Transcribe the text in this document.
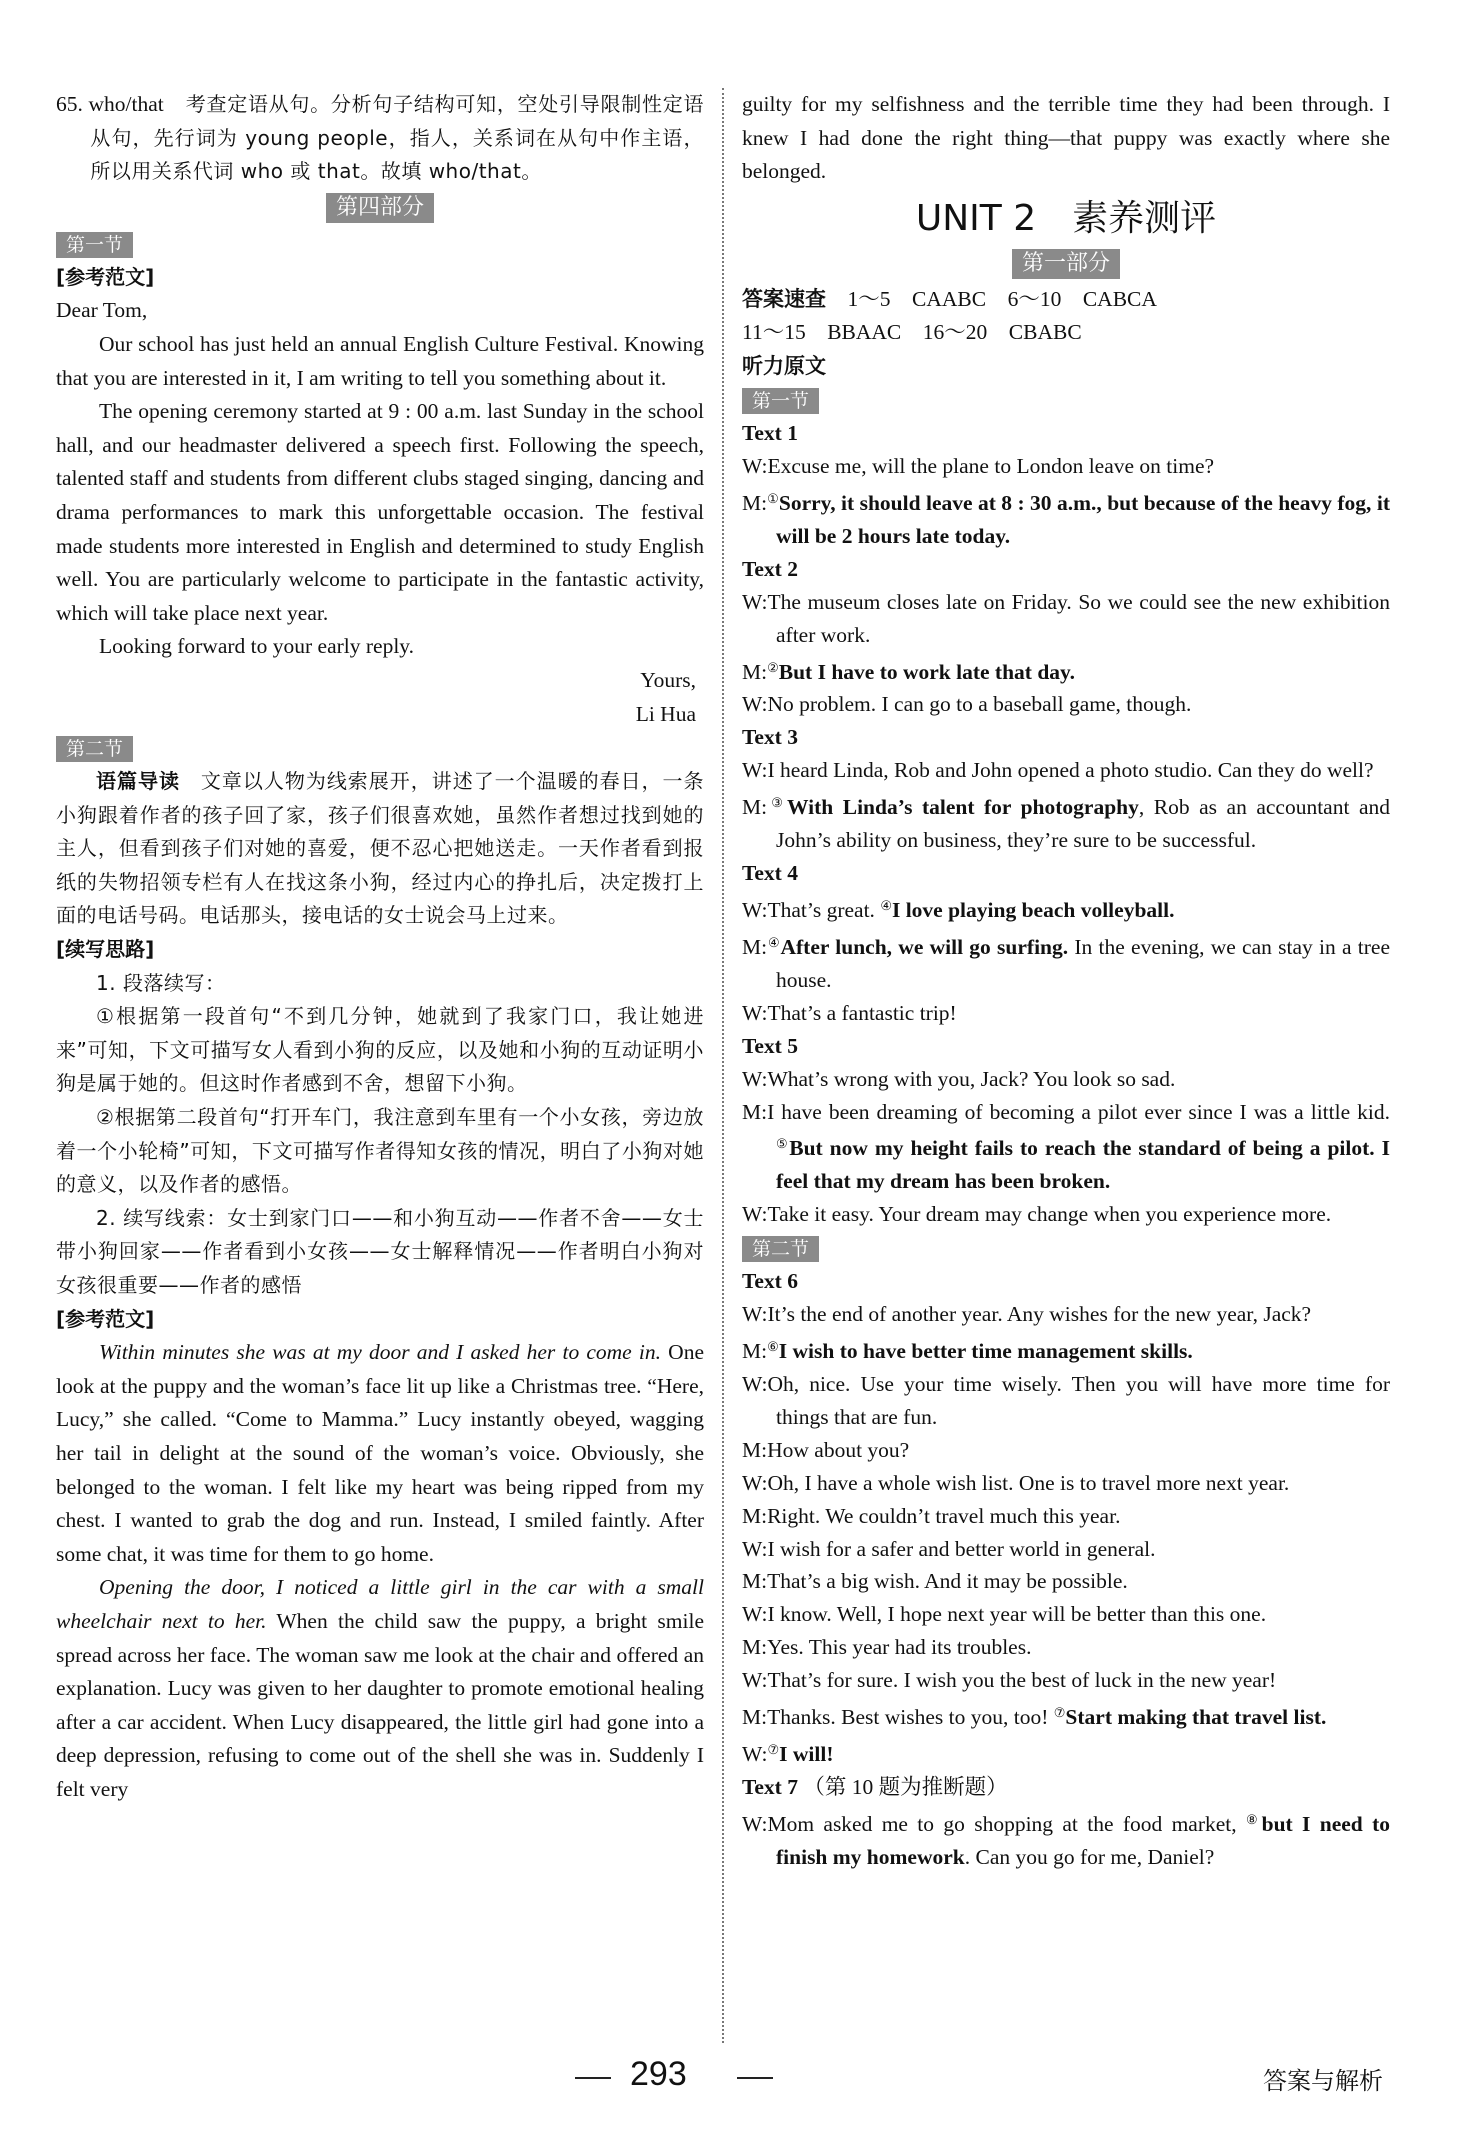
65. who/that　 考查定语从句。分析句子结构可知，空处引导限制性定语从句，先行词为 young people，指人，关系词在从句中作主语，所以用关系代词 who 或 that。故填 who/that。

第四部分
第一节

[参考范文]

Dear Tom,

Our school has just held an annual English Culture Festival. Knowing that you are interested in it, I am writing to tell you something about it.

The opening ceremony started at 9 : 00 a.m. last Sunday in the school hall, and our headmaster delivered a speech first. Following the speech, talented staff and students from different clubs staged singing, dancing and drama performances to mark this unforgettable occasion. The festival made students more interested in English and determined to study English well. You are particularly welcome to participate in the fantastic activity, which will take place next year.

Looking forward to your early reply.

Yours,

Li Hua

第二节

语篇导读　 文章以人物为线索展开，讲述了一个温暖的春日，一条小狗跟着作者的孩子回了家，孩子们很喜欢她，虽然作者想过找到她的主人，但看到孩子们对她的喜爱，便不忍心把她送走。一天作者看到报纸的失物招领专栏有人在找这条小狗，经过内心的挣扎后，决定拨打上面的电话号码。电话那头，接电话的女士说会马上过来。

[续写思路]

1. 段落续写：

①根据第一段首句“不到几分钟，她就到了我家门口，我让她进来”可知，下文可描写女人看到小狗的反应，以及她和小狗的互动证明小狗是属于她的。但这时作者感到不舍，想留下小狗。

②根据第二段首句“打开车门，我注意到车里有一个小女孩，旁边放着一个小轮椅”可知，下文可描写作者得知女孩的情况，明白了小狗对她的意义，以及作者的感悟。

2. 续写线索：女士到家门口——和小狗互动——作者不舍——女士带小狗回家——作者看到小女孩——女士解释情况——作者明白小狗对女孩很重要——作者的感悟

[参考范文]

Within minutes she was at my door and I asked her to come in. One look at the puppy and the woman’s face lit up like a Christmas tree. “Here, Lucy,” she called. “Come to Mamma.” Lucy instantly obeyed, wagging her tail in delight at the sound of the woman’s voice. Obviously, she belonged to the woman. I felt like my heart was being ripped from my chest. I wanted to grab the dog and run. Instead, I smiled faintly. After some chat, it was time for them to go home.

Opening the door, I noticed a little girl in the car with a small wheelchair next to her. When the child saw the puppy, a bright smile spread across her face. The woman saw me look at the chair and offered an explanation. Lucy was given to her daughter to promote emotional healing after a car accident. When Lucy disappeared, the little girl had gone into a deep depression, refusing to come out of the shell she was in. Suddenly I felt very

guilty for my selfishness and the terrible time they had been through. I knew I had done the right thing—that puppy was exactly where she belonged.

UNIT 2　素养测评
第一部分

答案速查　 1～5　CAABC　6～10　CABCA

11～15　BBAAC　16～20　CBABC

听力原文

第一节

Text 1

W:Excuse me, will the plane to London leave on time?

M:①Sorry, it should leave at 8 : 30 a.m., but because of the heavy fog, it will be 2 hours late today.

Text 2

W:The museum closes late on Friday. So we could see the new exhibition after work.

M:②But I have to work late that day.

W:No problem. I can go to a baseball game, though.

Text 3

W:I heard Linda, Rob and John opened a photo studio. Can they do well?

M:③With Linda’s talent for photography, Rob as an accountant and John’s ability on business, they’re sure to be successful.

Text 4

W:That’s great. ④I love playing beach volleyball.

M:④After lunch, we will go surfing. In the evening, we can stay in a tree house.

W:That’s a fantastic trip!

Text 5

W:What’s wrong with you, Jack? You look so sad.

M:I have been dreaming of becoming a pilot ever since I was a little kid. ⑤But now my height fails to reach the standard of being a pilot. I feel that my dream has been broken.

W:Take it easy. Your dream may change when you experience more.

第二节

Text 6

W:It’s the end of another year. Any wishes for the new year, Jack?

M:⑥I wish to have better time management skills.

W:Oh, nice. Use your time wisely. Then you will have more time for things that are fun.

M:How about you?

W:Oh, I have a whole wish list. One is to travel more next year.

M:Right. We couldn’t travel much this year.

W:I wish for a safer and better world in general.

M:That’s a big wish. And it may be possible.

W:I know. Well, I hope next year will be better than this one.

M:Yes. This year had its troubles.

W:That’s for sure. I wish you the best of luck in the new year!

M:Thanks. Best wishes to you, too! ⑦Start making that travel list.

W:⑦I will!

Text 7 （第 10 题为推断题）

W:Mom asked me to go shopping at the food market, ⑧but I need to finish my homework. Can you go for me, Daniel?

293	答案与解析
